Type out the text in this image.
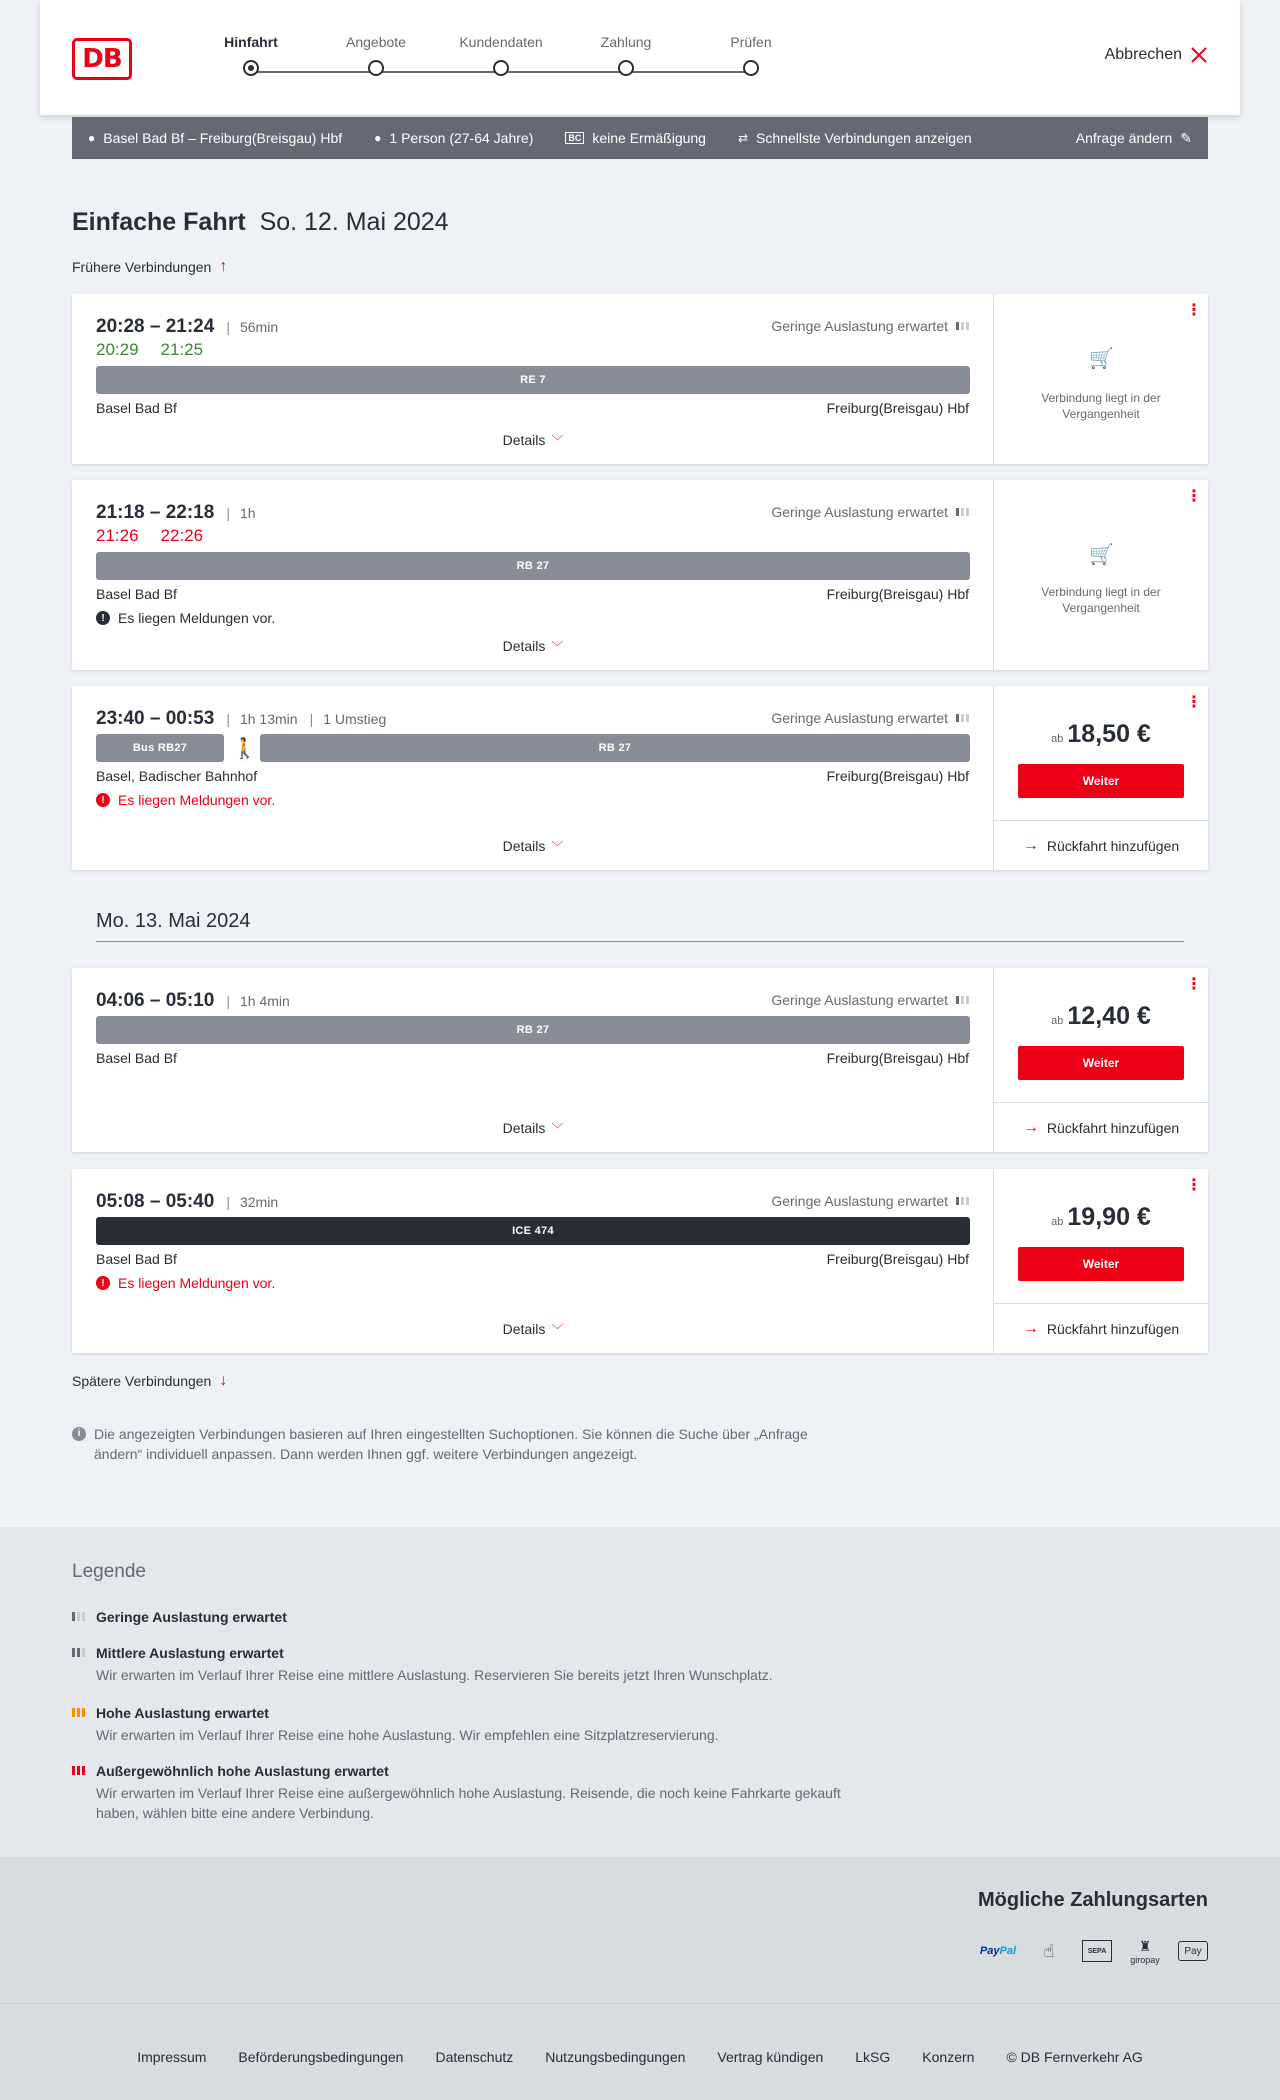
DB
Hinfahrt	Angebote	Kundendaten	Zahlung	Prüfen
Abbrechen
● Basel Bad Bf – Freiburg(Breisgau) Hbf	● 1 Person (27-64 Jahre)	BC keine Ermäßigung	⇄ Schnellste Verbindungen anzeigen	Anfrage ändern ✎
Einfache Fahrt So. 12. Mai 2024
Frühere Verbindungen ↑
20:28 – 21:24 | 56min
20:29 21:25
Geringe Auslastung erwartet
RE 7
Basel Bad Bf	Freiburg(Breisgau) Hbf
Details ﹀
⋮
🛒
Verbindung liegt in der Vergangenheit
21:18 – 22:18 | 1h
21:26 22:26
Geringe Auslastung erwartet
RB 27
Basel Bad Bf	Freiburg(Breisgau) Hbf
! Es liegen Meldungen vor.
Details ﹀
⋮
🛒
Verbindung liegt in der Vergangenheit
23:40 – 00:53 | 1h 13min | 1 Umstieg	Geringe Auslastung erwartet
Bus RB27	🚶	RB 27
Basel, Badischer Bahnhof	Freiburg(Breisgau) Hbf
! Es liegen Meldungen vor.
Details ﹀
⋮
ab 18,50 €
Weiter
→ Rückfahrt hinzufügen
Mo. 13. Mai 2024
04:06 – 05:10 | 1h 4min	Geringe Auslastung erwartet
RB 27
Basel Bad Bf	Freiburg(Breisgau) Hbf
Details ﹀
⋮
ab 12,40 €
Weiter
→ Rückfahrt hinzufügen
05:08 – 05:40 | 32min	Geringe Auslastung erwartet
ICE 474
Basel Bad Bf	Freiburg(Breisgau) Hbf
! Es liegen Meldungen vor.
Details ﹀
⋮
ab 19,90 €
Weiter
→ Rückfahrt hinzufügen
Spätere Verbindungen ↓
i Die angezeigten Verbindungen basieren auf Ihren eingestellten Suchoptionen. Sie können die Suche über „Anfrage ändern“ individuell anpassen. Dann werden Ihnen ggf. weitere Verbindungen angezeigt.
Legende
Geringe Auslastung erwartet
Mittlere Auslastung erwartet
Wir erwarten im Verlauf Ihrer Reise eine mittlere Auslastung. Reservieren Sie bereits jetzt Ihren Wunschplatz.
Hohe Auslastung erwartet
Wir erwarten im Verlauf Ihrer Reise eine hohe Auslastung. Wir empfehlen eine Sitzplatzreservierung.
Außergewöhnlich hohe Auslastung erwartet
Wir erwarten im Verlauf Ihrer Reise eine außergewöhnlich hohe Auslastung. Reisende, die noch keine Fahrkarte gekauft haben, wählen bitte eine andere Verbindung.
Mögliche Zahlungsarten
Pay Pal	☝	SEPA	♜
giropay
Pay
Impressum Beförderungsbedingungen Datenschutz Nutzungsbedingungen Vertrag kündigen LkSG Konzern © DB Fernverkehr AG
